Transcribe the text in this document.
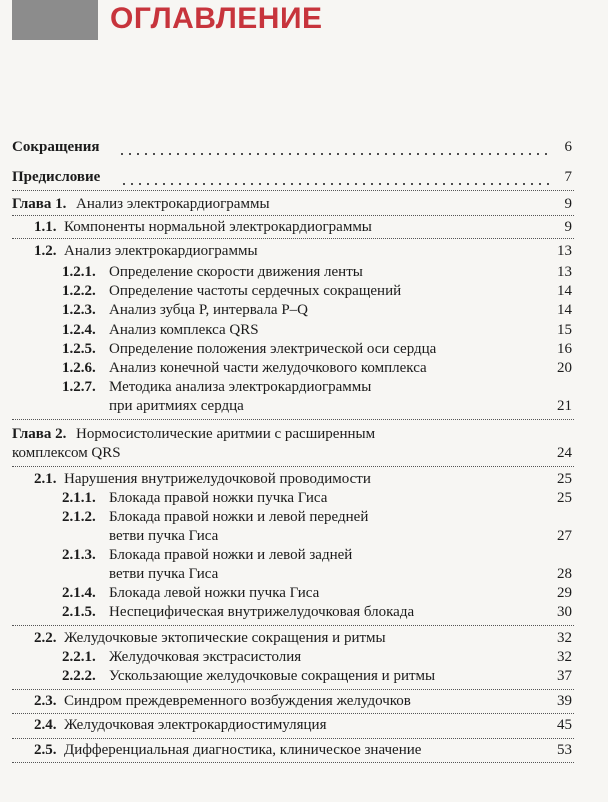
ОГЛАВЛЕНИЕ
Сокращения	6
Предисловие	7
Глава 1. Анализ электрокардиограммы	9
1.1. Компоненты нормальной электрокардиограммы	9
1.2. Анализ электрокардиограммы	13
1.2.1. Определение скорости движения ленты	13
1.2.2. Определение частоты сердечных сокращений	14
1.2.3. Анализ зубца P, интервала P–Q	14
1.2.4. Анализ комплекса QRS	15
1.2.5. Определение положения электрической оси сердца	16
1.2.6. Анализ конечной части желудочкового комплекса	20
1.2.7. Методика анализа электрокардиограммы
при аритмиях сердца	21
Глава 2. Нормосистолические аритмии с расширенным
комплексом QRS	24
2.1. Нарушения внутрижелудочковой проводимости	25
2.1.1. Блокада правой ножки пучка Гиса	25
2.1.2. Блокада правой ножки и левой передней
ветви пучка Гиса	27
2.1.3. Блокада правой ножки и левой задней
ветви пучка Гиса	28
2.1.4. Блокада левой ножки пучка Гиса	29
2.1.5. Неспецифическая внутрижелудочковая блокада	30
2.2. Желудочковые эктопические сокращения и ритмы	32
2.2.1. Желудочковая экстрасистолия	32
2.2.2. Ускользающие желудочковые сокращения и ритмы	37
2.3. Синдром преждевременного возбуждения желудочков	39
2.4. Желудочковая электрокардиостимуляция	45
2.5. Дифференциальная диагностика, клиническое значение	53
